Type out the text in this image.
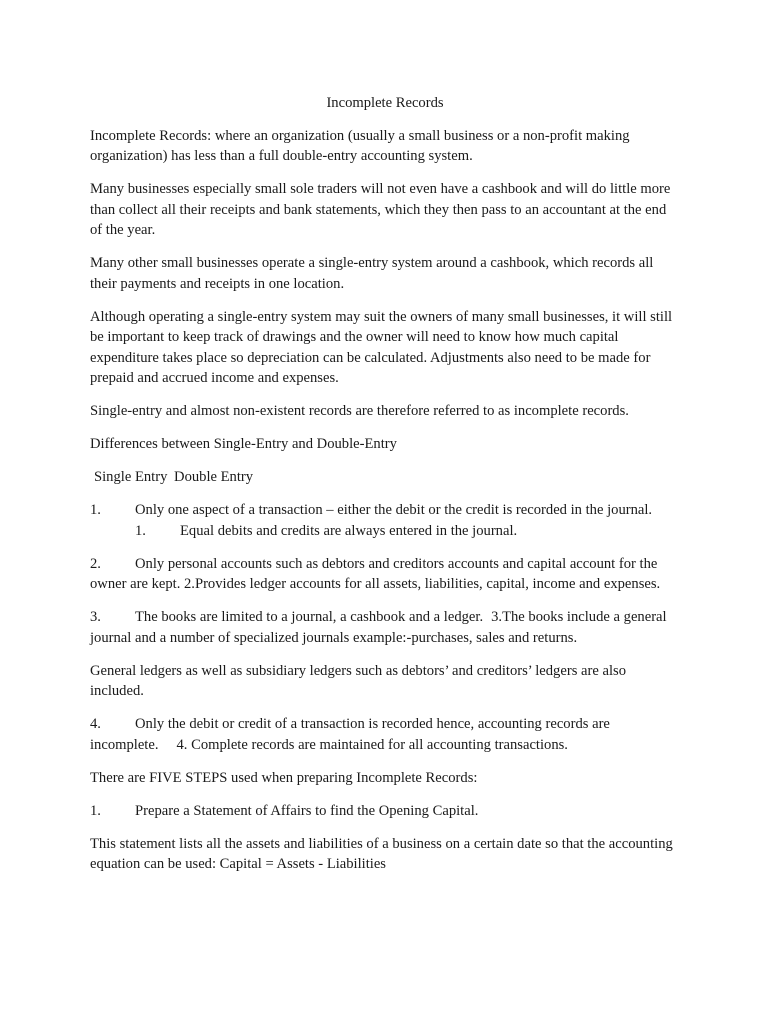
Incomplete Records

Incomplete Records: where an organization (usually a small business or a non-profit making organization) has less than a full double-entry accounting system.

Many businesses especially small sole traders will not even have a cashbook and will do little more than collect all their receipts and bank statements, which they then pass to an accountant at the end of the year.

Many other small businesses operate a single-entry system around a cashbook, which records all their payments and receipts in one location.

Although operating a single-entry system may suit the owners of many small businesses, it will still be important to keep track of drawings and the owner will need to know how much capital expenditure takes place so depreciation can be calculated. Adjustments also need to be made for prepaid and accrued income and expenses.

Single-entry and almost non-existent records are therefore referred to as incomplete records.

Differences between Single-Entry and Double-Entry

Single Entry Double Entry

1. Only one aspect of a transaction – either the debit or the credit is recorded in the journal.
1. Equal debits and credits are always entered in the journal.

2. Only personal accounts such as debtors and creditors accounts and capital account for the owner are kept. 2.Provides ledger accounts for all assets, liabilities, capital, income and expenses.

3. The books are limited to a journal, a cashbook and a ledger. 3.The books include a general journal and a number of specialized journals example:-purchases, sales and returns.

General ledgers as well as subsidiary ledgers such as debtors’ and creditors’ ledgers are also included.

4. Only the debit or credit of a transaction is recorded hence, accounting records are incomplete. 4. Complete records are maintained for all accounting transactions.

There are FIVE STEPS used when preparing Incomplete Records:

1. Prepare a Statement of Affairs to find the Opening Capital.

This statement lists all the assets and liabilities of a business on a certain date so that the accounting equation can be used: Capital = Assets - Liabilities
